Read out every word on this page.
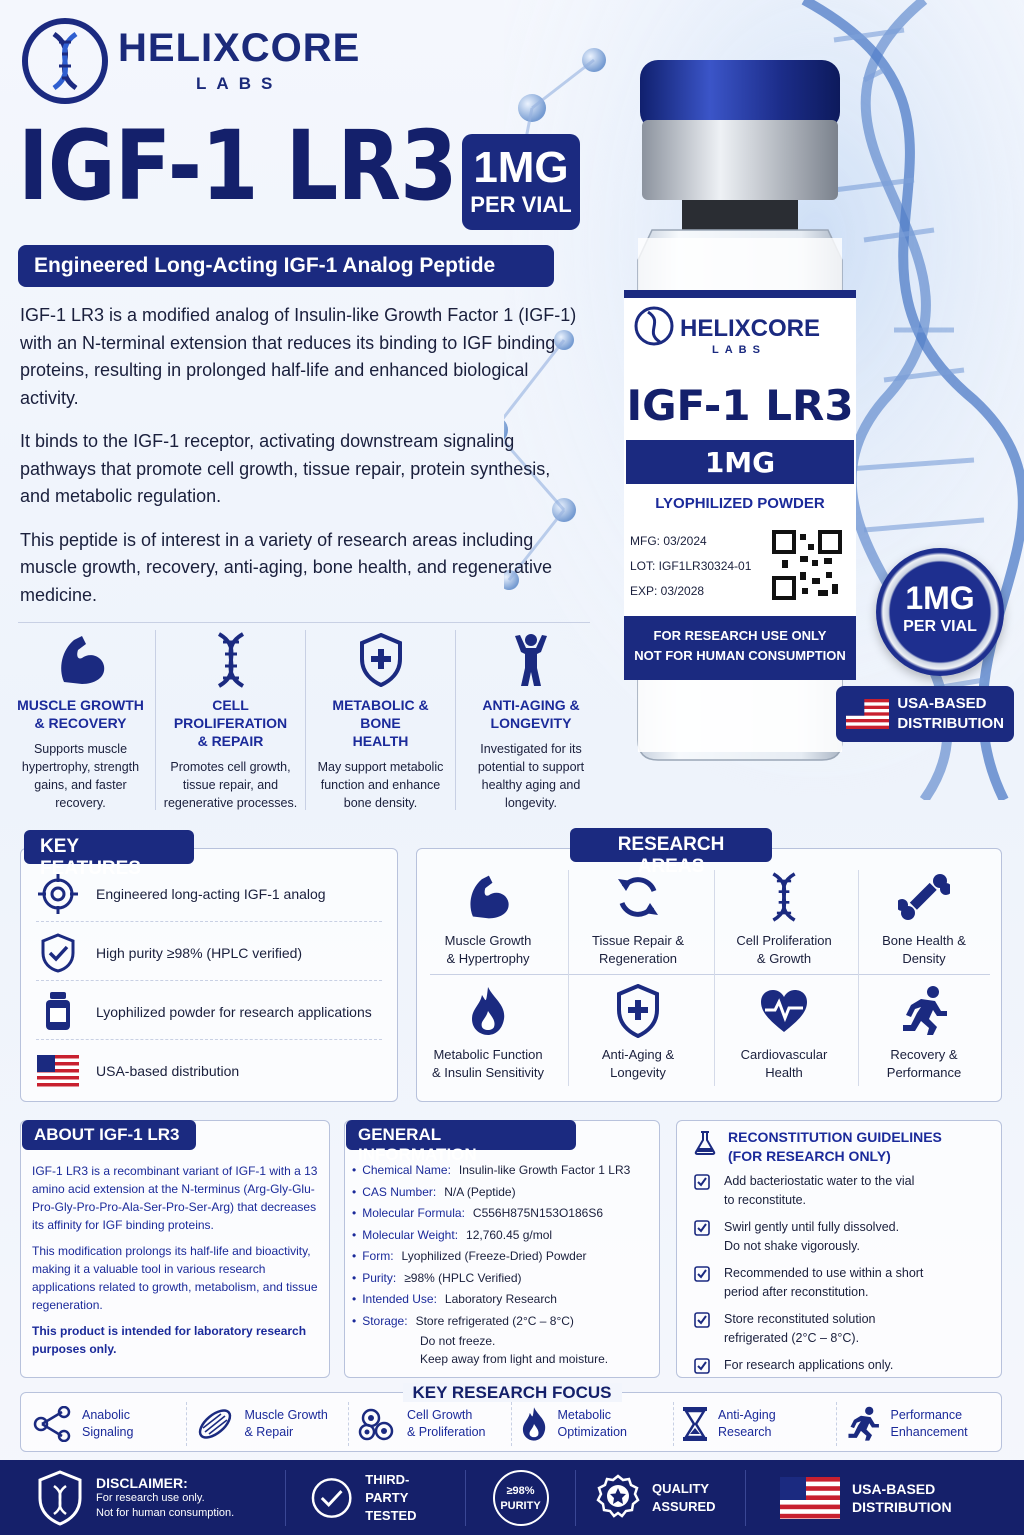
HELIXCORE
LABS
IGF-1 LR3 1MG
PER VIAL
Engineered Long-Acting IGF-1 Analog Peptide

IGF-1 LR3 is a modified analog of Insulin-like Growth Factor 1 (IGF-1) with an N-terminal extension that reduces its binding to IGF binding proteins, resulting in prolonged half-life and enhanced biological activity.

It binds to the IGF-1 receptor, activating downstream signaling pathways that promote cell growth, tissue repair, protein synthesis, and metabolic regulation.

This peptide is of interest in a variety of research areas including muscle growth, recovery, anti-aging, bone health, and regenerative medicine.

HELIXCORE
LABS
IGF-1 LR3
1MG
LYOPHILIZED POWDER
MFG: 03/2024
LOT: IGF1LR30324-01
EXP: 03/2028
FOR RESEARCH USE ONLY
NOT FOR HUMAN CONSUMPTION
1MG
PER VIAL
USA-BASED
DISTRIBUTION
MUSCLE GROWTH
& RECOVERY
Supports muscle hypertrophy, strength gains, and faster recovery.
CELL PROLIFERATION
& REPAIR
Promotes cell growth, tissue repair, and regenerative processes.
METABOLIC & BONE
HEALTH
May support metabolic function and enhance bone density.
ANTI-AGING &
LONGEVITY
Investigated for its potential to support healthy aging and longevity.
KEY FEATURES
Engineered long-acting IGF-1 analog
High purity ≥98% (HPLC verified)
Lyophilized powder for research applications
USA-based distribution
RESEARCH AREAS
Muscle Growth
& Hypertrophy
Tissue Repair &
Regeneration
Cell Proliferation
& Growth
Bone Health &
Density
Metabolic Function
& Insulin Sensitivity
Anti-Aging &
Longevity
Cardiovascular
Health
Recovery &
Performance
ABOUT IGF-1 LR3

IGF-1 LR3 is a recombinant variant of IGF-1 with a 13 amino acid extension at the N-terminus (Arg-Gly-Glu-Pro-Gly-Pro-Pro-Ala-Ser-Pro-Ser-Arg) that decreases its affinity for IGF binding proteins.

This modification prolongs its half-life and bioactivity, making it a valuable tool in various research applications related to growth, metabolism, and tissue regeneration.

This product is intended for laboratory research purposes only.

GENERAL INFORMATION
• Chemical Name: Insulin-like Growth Factor 1 LR3
• CAS Number: N/A (Peptide)
• Molecular Formula: C556H875N153O186S6
• Molecular Weight: 12,760.45 g/mol
• Form: Lyophilized (Freeze-Dried) Powder
• Purity: ≥98% (HPLC Verified)
• Intended Use: Laboratory Research
• Storage: Store refrigerated (2°C – 8°C)
Do not freeze.
Keep away from light and moisture.
RECONSTITUTION GUIDELINES
(FOR RESEARCH ONLY)
Add bacteriostatic water to the vial
to reconstitute.
Swirl gently until fully dissolved.
Do not shake vigorously.
Recommended to use within a short
period after reconstitution.
Store reconstituted solution
refrigerated (2°C – 8°C).
For research applications only.
KEY RESEARCH FOCUS
Anabolic
Signaling
Muscle Growth
& Repair
Cell Growth
& Proliferation
Metabolic
Optimization
Anti-Aging
Research
Performance
Enhancement
DISCLAIMER:
For research use only.
Not for human consumption.
THIRD-PARTY
TESTED
≥98%
PURITY
QUALITY
ASSURED
USA-BASED
DISTRIBUTION
